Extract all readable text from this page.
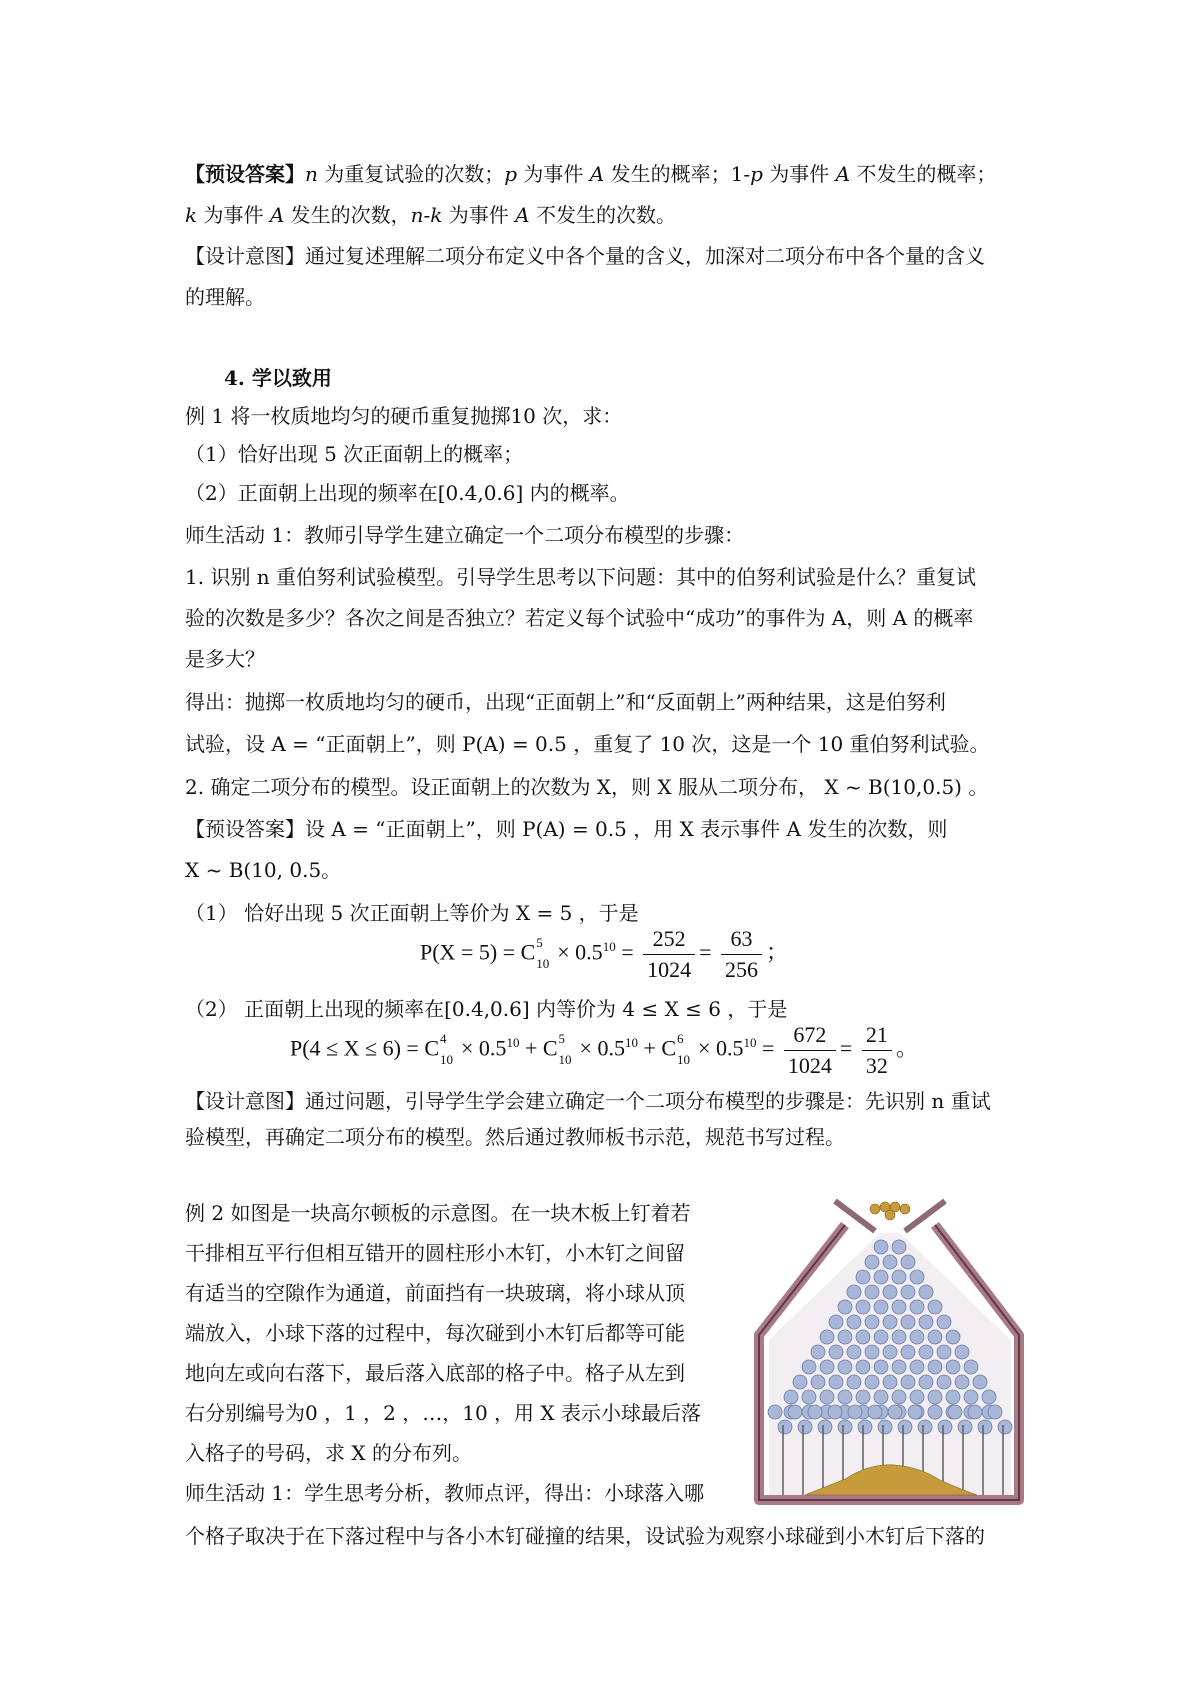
【预设答案】n 为重复试验的次数；p 为事件 A 发生的概率；1-p 为事件 A 不发生的概率；
k 为事件 A 发生的次数，n-k 为事件 A 不发生的次数。
【设计意图】通过复述理解二项分布定义中各个量的含义，加深对二项分布中各个量的含义
的理解。
4. 学以致用
例 1 将一枚质地均匀的硬币重复抛掷10 次，求：
（1）恰好出现 5 次正面朝上的概率；
（2）正面朝上出现的频率在[0.4,0.6] 内的概率。
师生活动 1：教师引导学生建立确定一个二项分布模型的步骤：
1. 识别 n 重伯努利试验模型。引导学生思考以下问题：其中的伯努利试验是什么？重复试
验的次数是多少？各次之间是否独立？若定义每个试验中“成功”的事件为 A，则 A 的概率
是多大？
得出：抛掷一枚质地均匀的硬币，出现“正面朝上”和“反面朝上”两种结果，这是伯努利
试验，设 A = “正面朝上”，则 P(A) = 0.5 ，重复了 10 次，这是一个 10 重伯努利试验。
2. 确定二项分布的模型。设正面朝上的次数为 X，则 X 服从二项分布， X ~ B(10,0.5) 。
【预设答案】设 A = “正面朝上”，则 P(A) = 0.5 ，用 X 表示事件 A 发生的次数，则
X ~ B(10, 0.5。
（1） 恰好出现 5 次正面朝上等价为 X = 5 ，于是
P(X = 5) = C 5
$10 \times 0.5^{10} = \frac{252}{1024} = \frac{63}{256}$ ；
（2） 正面朝上出现的频率在[0.4,0.6] 内等价为 4 ≤ X ≤ 6 ，于是
P(4 ≤ X ≤ 6) = C 4
$10 \times 0.5^{10} + C$ 5
$10 \times 0.5^{10} + C$ 6
$10 \times 0.5^{10} = \frac{672}{1024} = \frac{21}{32}$ 。
【设计意图】通过问题，引导学生学会建立确定一个二项分布模型的步骤是：先识别 n 重试
验模型，再确定二项分布的模型。然后通过教师板书示范，规范书写过程。
例 2 如图是一块高尔顿板的示意图。在一块木板上钉着若
干排相互平行但相互错开的圆柱形小木钉，小木钉之间留
有适当的空隙作为通道，前面挡有一块玻璃，将小球从顶
端放入，小球下落的过程中，每次碰到小木钉后都等可能
地向左或向右落下，最后落入底部的格子中。格子从左到
右分别编号为0 ，1 ，2 ，…，10 ，用 X 表示小球最后落
入格子的号码，求 X 的分布列。
师生活动 1：学生思考分析，教师点评，得出：小球落入哪
个格子取决于在下落过程中与各小木钉碰撞的结果，设试验为观察小球碰到小木钉后下落的
